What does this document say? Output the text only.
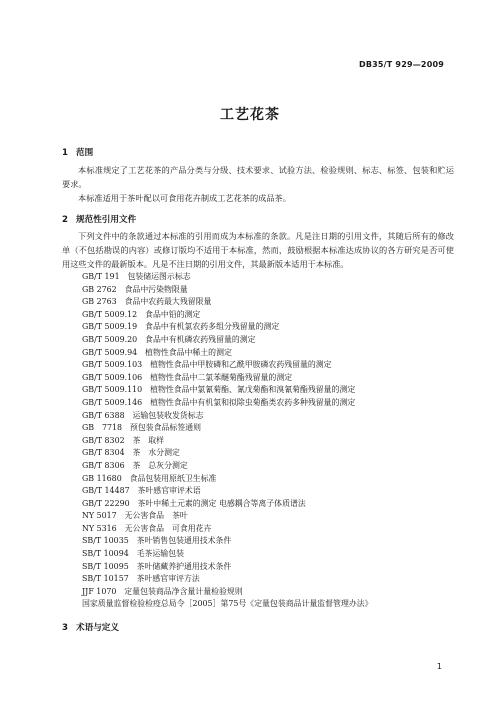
DB35/T 929—2009
工艺花茶
1 范围
本标准规定了工艺花茶的产品分类与分级、技术要求、试验方法、检验规则、标志、标签、包装和贮运要求。
本标准适用于茶叶配以可食用花卉制成工艺花茶的成品茶。
2 规范性引用文件
下列文件中的条款通过本标准的引用而成为本标准的条款。凡是注日期的引用文件，其随后所有的修改单（不包括勘误的内容）或修订版均不适用于本标准，然而，鼓励根据本标准达成协议的各方研究是否可使用这些文件的最新版本。凡是不注日期的引用文件，其最新版本适用于本标准。
GB/T 191　包装储运图示标志
GB 2762　食品中污染物限量
GB 2763　食品中农药最大残留限量
GB/T 5009.12　食品中铅的测定
GB/T 5009.19　食品中有机氯农药多组分残留量的测定
GB/T 5009.20　食品中有机磷农药残留量的测定
GB/T 5009.94　植物性食品中稀土的测定
GB/T 5009.103　植物性食品中甲胺磷和乙酰甲胺磷农药残留量的测定
GB/T 5009.106　植物性食品中二氯苯醚菊酯残留量的测定
GB/T 5009.110　植物性食品中氯氰菊酯、氰戊菊酯和溴氰菊酯残留量的测定
GB/T 5009.146　植物性食品中有机氯和拟除虫菊酯类农药多种残留量的测定
GB/T 6388　运输包装收发货标志
GB　7718　预包装食品标签通则
GB/T 8302　茶　取样
GB/T 8304　茶　水分测定
GB/T 8306　茶　总灰分测定
GB 11680　食品包装用原纸卫生标准
GB/T 14487　茶叶感官审评术语
GB/T 22290　茶叶中稀土元素的测定 电感耦合等离子体质谱法
NY 5017　无公害食品　茶叶
NY 5316　无公害食品　可食用花卉
SB/T 10035　茶叶销售包装通用技术条件
SB/T 10094　毛茶运输包装
SB/T 10095　茶叶储藏养护通用技术条件
SB/T 10157　茶叶感官审评方法
JJF 1070　定量包装商品净含量计量检验规则
国家质量监督检验检疫总局令［2005］第75号《定量包装商品计量监督管理办法》
3 术语与定义
1
